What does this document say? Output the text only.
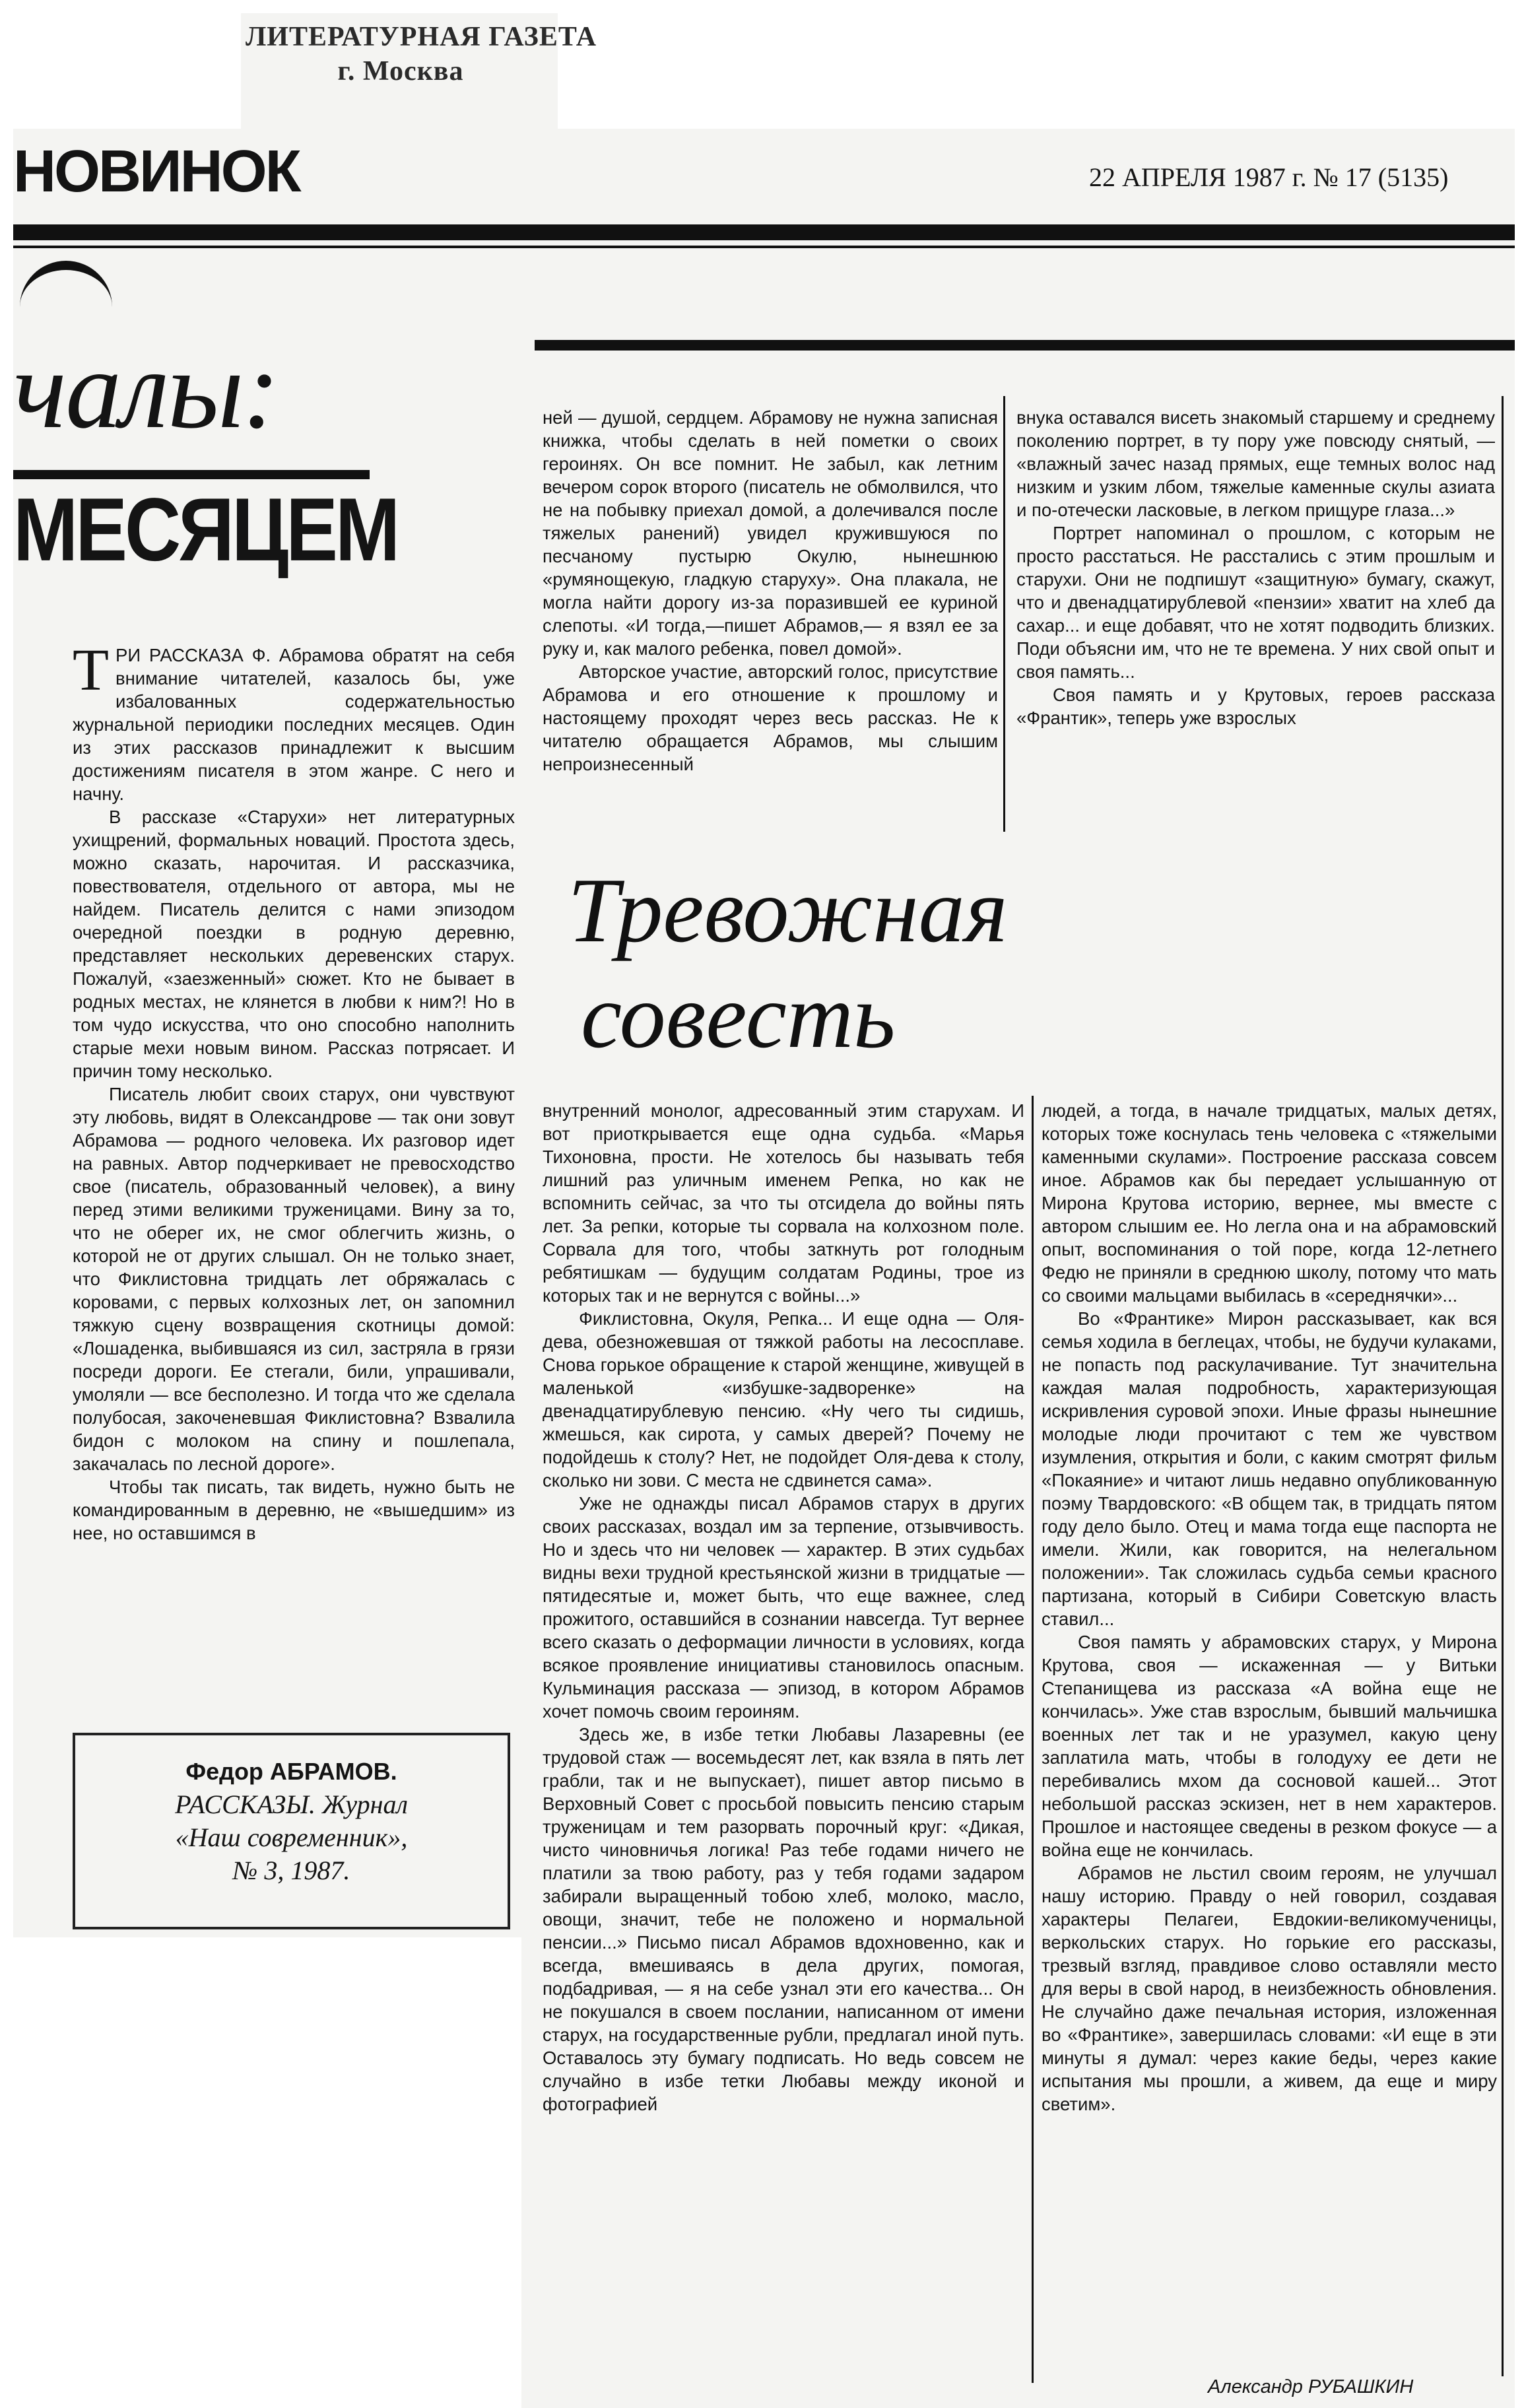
ЛИТЕРАТУРНАЯ ГАЗЕТА
г. Москва
НОВИНОК	22 АПРЕЛЯ 1987 г. № 17 (5135)
чалы:
МЕСЯЦЕМ

ТРИ РАССКАЗА Ф. Абрамова обратят на себя внимание читателей, казалось бы, уже избалованных содержательностью журнальной периодики последних месяцев. Один из этих рассказов принадлежит к высшим достижениям писателя в этом жанре. С него и начну.

В рассказе «Старухи» нет литературных ухищрений, формальных новаций. Простота здесь, можно сказать, нарочитая. И рассказчика, повествователя, отдельного от автора, мы не найдем. Писатель делится с нами эпизодом очередной поездки в родную деревню, представляет нескольких деревенских старух. Пожалуй, «заезженный» сюжет. Кто не бывает в родных местах, не клянется в любви к ним?! Но в том чудо искусства, что оно способно наполнить старые мехи новым вином. Рассказ потрясает. И причин тому несколько.

Писатель любит своих старух, они чувствуют эту любовь, видят в Олександрове — так они зовут Абрамова — родного человека. Их разговор идет на равных. Автор подчеркивает не превосходство свое (писатель, образованный человек), а вину перед этими великими труженицами. Вину за то, что не оберег их, не смог облегчить жизнь, о которой не от других слышал. Он не только знает, что Фиклистовна тридцать лет обряжалась с коровами, с первых колхозных лет, он запомнил тяжкую сцену возвращения скотницы домой: «Лошаденка, выбившаяся из сил, застряла в грязи посреди дороги. Ее стегали, били, упрашивали, умоляли — все бесполезно. И тогда что же сделала полубосая, закоченевшая Фиклистовна? Взвалила бидон с молоком на спину и пошлепала, закачалась по лесной дороге».

Чтобы так писать, так видеть, нужно быть не командированным в деревню, не «вышедшим» из нее, но оставшимся в

Федор АБРАМОВ.
РАССКАЗЫ. Журнал
«Наш современник»,
№ 3, 1987.

ней — душой, сердцем. Абрамову не нужна записная книжка, чтобы сделать в ней пометки о своих героинях. Он все помнит. Не забыл, как летним вечером сорок второго (писатель не обмолвился, что не на побывку приехал домой, а долечивался после тяжелых ранений) увидел кружившуюся по песчаному пустырю Окулю, нынешнюю «румянощекую, гладкую старуху». Она плакала, не могла найти дорогу из-за поразившей ее куриной слепоты. «И тогда,—пишет Абрамов,— я взял ее за руку и, как малого ребенка, повел домой».

Авторское участие, авторский голос, присутствие Абрамова и его отношение к прошлому и настоящему проходят через весь рассказ. Не к читателю обращается Абрамов, мы слышим непроизнесенный

внука оставался висеть знакомый старшему и среднему поколению портрет, в ту пору уже повсюду снятый, — «влажный зачес назад прямых, еще темных волос над низким и узким лбом, тяжелые каменные скулы азиата и по-отечески ласковые, в легком прищуре глаза...»

Портрет напоминал о прошлом, с которым не просто расстаться. Не расстались с этим прошлым и старухи. Они не подпишут «защитную» бумагу, скажут, что и двенадцатирублевой «пензии» хватит на хлеб да сахар... и еще добавят, что не хотят подводить близких. Поди объясни им, что не те времена. У них свой опыт и своя память...

Своя память и у Крутовых, героев рассказа «Франтик», теперь уже взрослых

Тревожная
совесть

внутренний монолог, адресованный этим старухам. И вот приоткрывается еще одна судьба. «Марья Тихоновна, прости. Не хотелось бы называть тебя лишний раз уличным именем Репка, но как не вспомнить сейчас, за что ты отсидела до войны пять лет. За репки, которые ты сорвала на колхозном поле. Сорвала для того, чтобы заткнуть рот голодным ребятишкам — будущим солдатам Родины, трое из которых так и не вернутся с войны...»

Фиклистовна, Окуля, Репка... И еще одна — Оля-дева, обезножевшая от тяжкой работы на лесосплаве. Снова горькое обращение к старой женщине, живущей в маленькой «избушке-задворенке» на двенадцатирублевую пенсию. «Ну чего ты сидишь, жмешься, как сирота, у самых дверей? Почему не подойдешь к столу? Нет, не подойдет Оля-дева к столу, сколько ни зови. С места не сдвинется сама».

Уже не однажды писал Абрамов старух в других своих рассказах, воздал им за терпение, отзывчивость. Но и здесь что ни человек — характер. В этих судьбах видны вехи трудной крестьянской жизни в тридцатые — пятидесятые и, может быть, что еще важнее, след прожитого, оставшийся в сознании навсегда. Тут вернее всего сказать о деформации личности в условиях, когда всякое проявление инициативы становилось опасным. Кульминация рассказа — эпизод, в котором Абрамов хочет помочь своим героиням.

Здесь же, в избе тетки Любавы Лазаревны (ее трудовой стаж — восемьдесят лет, как взяла в пять лет грабли, так и не выпускает), пишет автор письмо в Верховный Совет с просьбой повысить пенсию старым труженицам и тем разорвать порочный круг: «Дикая, чисто чиновничья логика! Раз тебе годами ничего не платили за твою работу, раз у тебя годами задаром забирали выращенный тобою хлеб, молоко, масло, овощи, значит, тебе не положено и нормальной пенсии...» Письмо писал Абрамов вдохновенно, как и всегда, вмешиваясь в дела других, помогая, подбадривая, — я на себе узнал эти его качества... Он не покушался в своем послании, написанном от имени старух, на государственные рубли, предлагал иной путь. Оставалось эту бумагу подписать. Но ведь совсем не случайно в избе тетки Любавы между иконой и фотографией

людей, а тогда, в начале тридцатых, малых детях, которых тоже коснулась тень человека с «тяжелыми каменными скулами». Построение рассказа совсем иное. Абрамов как бы передает услышанную от Мирона Крутова историю, вернее, мы вместе с автором слышим ее. Но легла она и на абрамовский опыт, воспоминания о той поре, когда 12-летнего Федю не приняли в среднюю школу, потому что мать со своими мальцами выбилась в «середнячки»...

Во «Франтике» Мирон рассказывает, как вся семья ходила в беглецах, чтобы, не будучи кулаками, не попасть под раскулачивание. Тут значительна каждая малая подробность, характеризующая искривления суровой эпохи. Иные фразы нынешние молодые люди прочитают с тем же чувством изумления, открытия и боли, с каким смотрят фильм «Покаяние» и читают лишь недавно опубликованную поэму Твардовского: «В общем так, в тридцать пятом году дело было. Отец и мама тогда еще паспорта не имели. Жили, как говорится, на нелегальном положении». Так сложилась судьба семьи красного партизана, который в Сибири Советскую власть ставил...

Своя память у абрамовских старух, у Мирона Крутова, своя — искаженная — у Витьки Степанищева из рассказа «А война еще не кончилась». Уже став взрослым, бывший мальчишка военных лет так и не уразумел, какую цену заплатила мать, чтобы в голодуху ее дети не перебивались мхом да сосновой кашей... Этот небольшой рассказ эскизен, нет в нем характеров. Прошлое и настоящее сведены в резком фокусе — а война еще не кончилась.

Абрамов не льстил своим героям, не улучшал нашу историю. Правду о ней говорил, создавая характеры Пелагеи, Евдокии-великомученицы, веркольских старух. Но горькие его рассказы, трезвый взгляд, правдивое слово оставляли место для веры в свой народ, в неизбежность обновления. Не случайно даже печальная история, изложенная во «Франтике», завершилась словами: «И еще в эти минуты я думал: через какие беды, через какие испытания мы прошли, а живем, да еще и миру светим».

Александр РУБАШКИН
